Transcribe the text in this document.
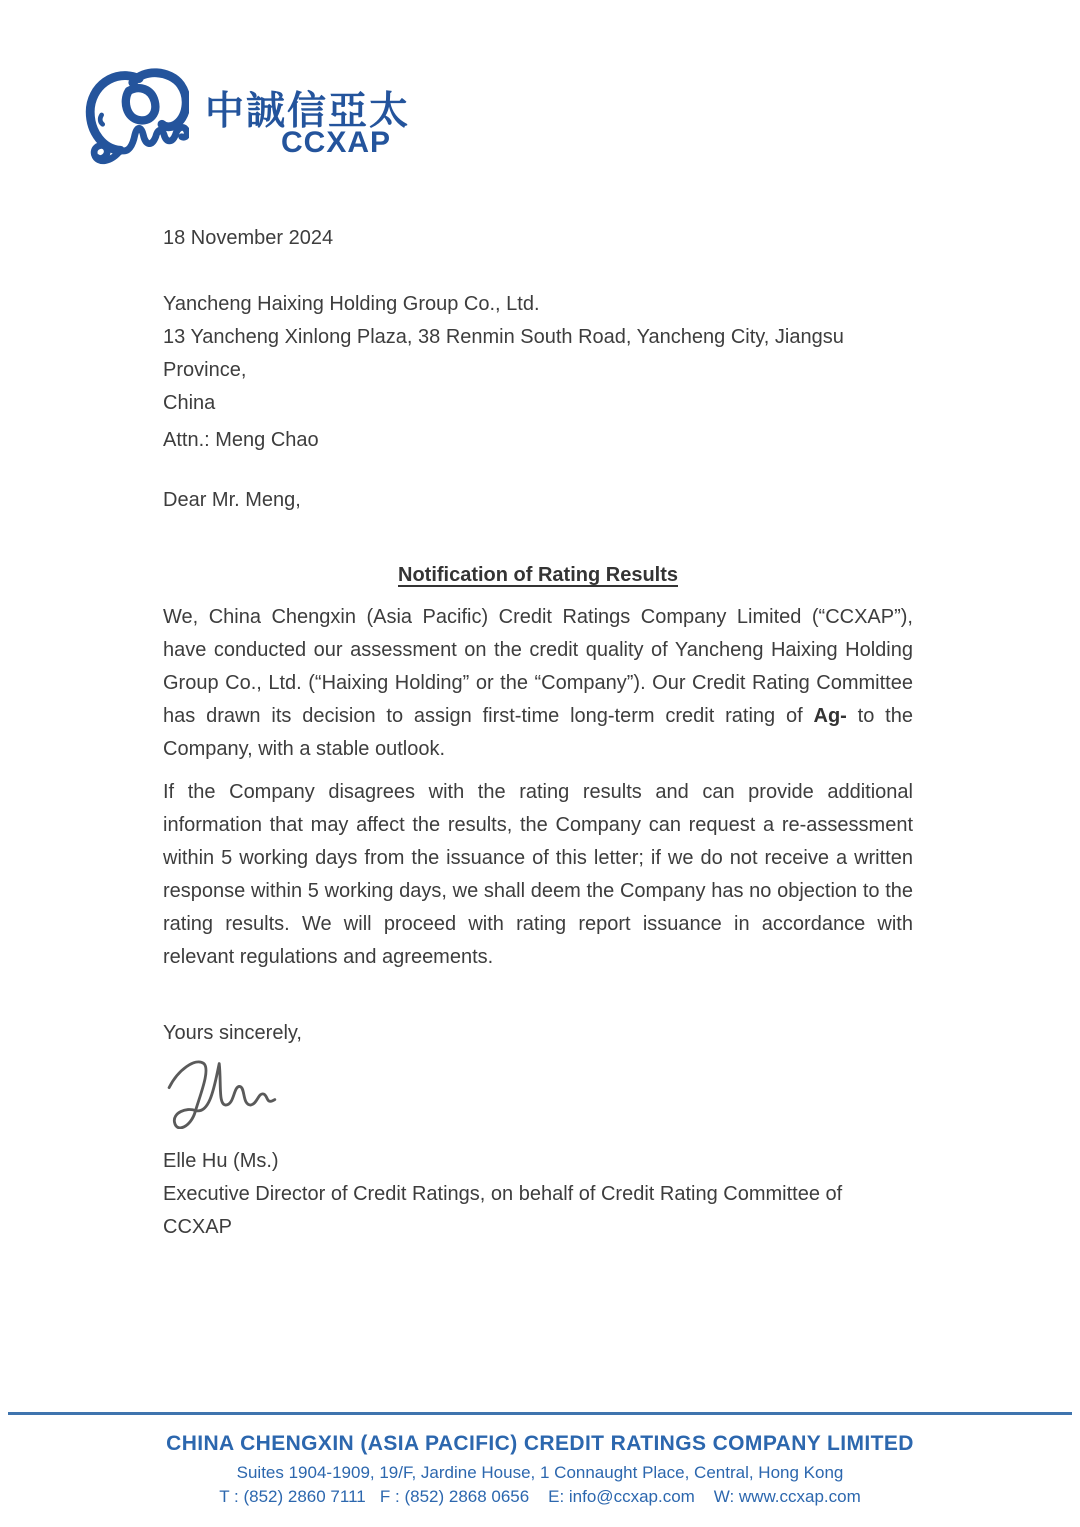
中誠信亞太
CCXAP
18 November 2024
Yancheng Haixing Holding Group Co., Ltd.
13 Yancheng Xinlong Plaza, 38 Renmin South Road, Yancheng City, Jiangsu Province,
China
Attn.: Meng Chao
Dear Mr. Meng,
Notification of Rating Results
We, China Chengxin (Asia Pacific) Credit Ratings Company Limited (“CCXAP”), have conducted our assessment on the credit quality of Yancheng Haixing Holding Group Co., Ltd. (“Haixing Holding” or the “Company”). Our Credit Rating Committee has drawn its decision to assign first-time long-term credit rating of Ag- to the Company, with a stable outlook.
If the Company disagrees with the rating results and can provide additional information that may affect the results, the Company can request a re-assessment within 5 working days from the issuance of this letter; if we do not receive a written response within 5 working days, we shall deem the Company has no objection to the rating results. We will proceed with rating report issuance in accordance with relevant regulations and agreements.
Yours sincerely,
Elle Hu (Ms.)
Executive Director of Credit Ratings, on behalf of Credit Rating Committee of CCXAP
CHINA CHENGXIN (ASIA PACIFIC) CREDIT RATINGS COMPANY LIMITED
Suites 1904-1909, 19/F, Jardine House, 1 Connaught Place, Central, Hong Kong
T : (852) 2860 7111   F : (852) 2868 0656    E: info@ccxap.com    W: www.ccxap.com
